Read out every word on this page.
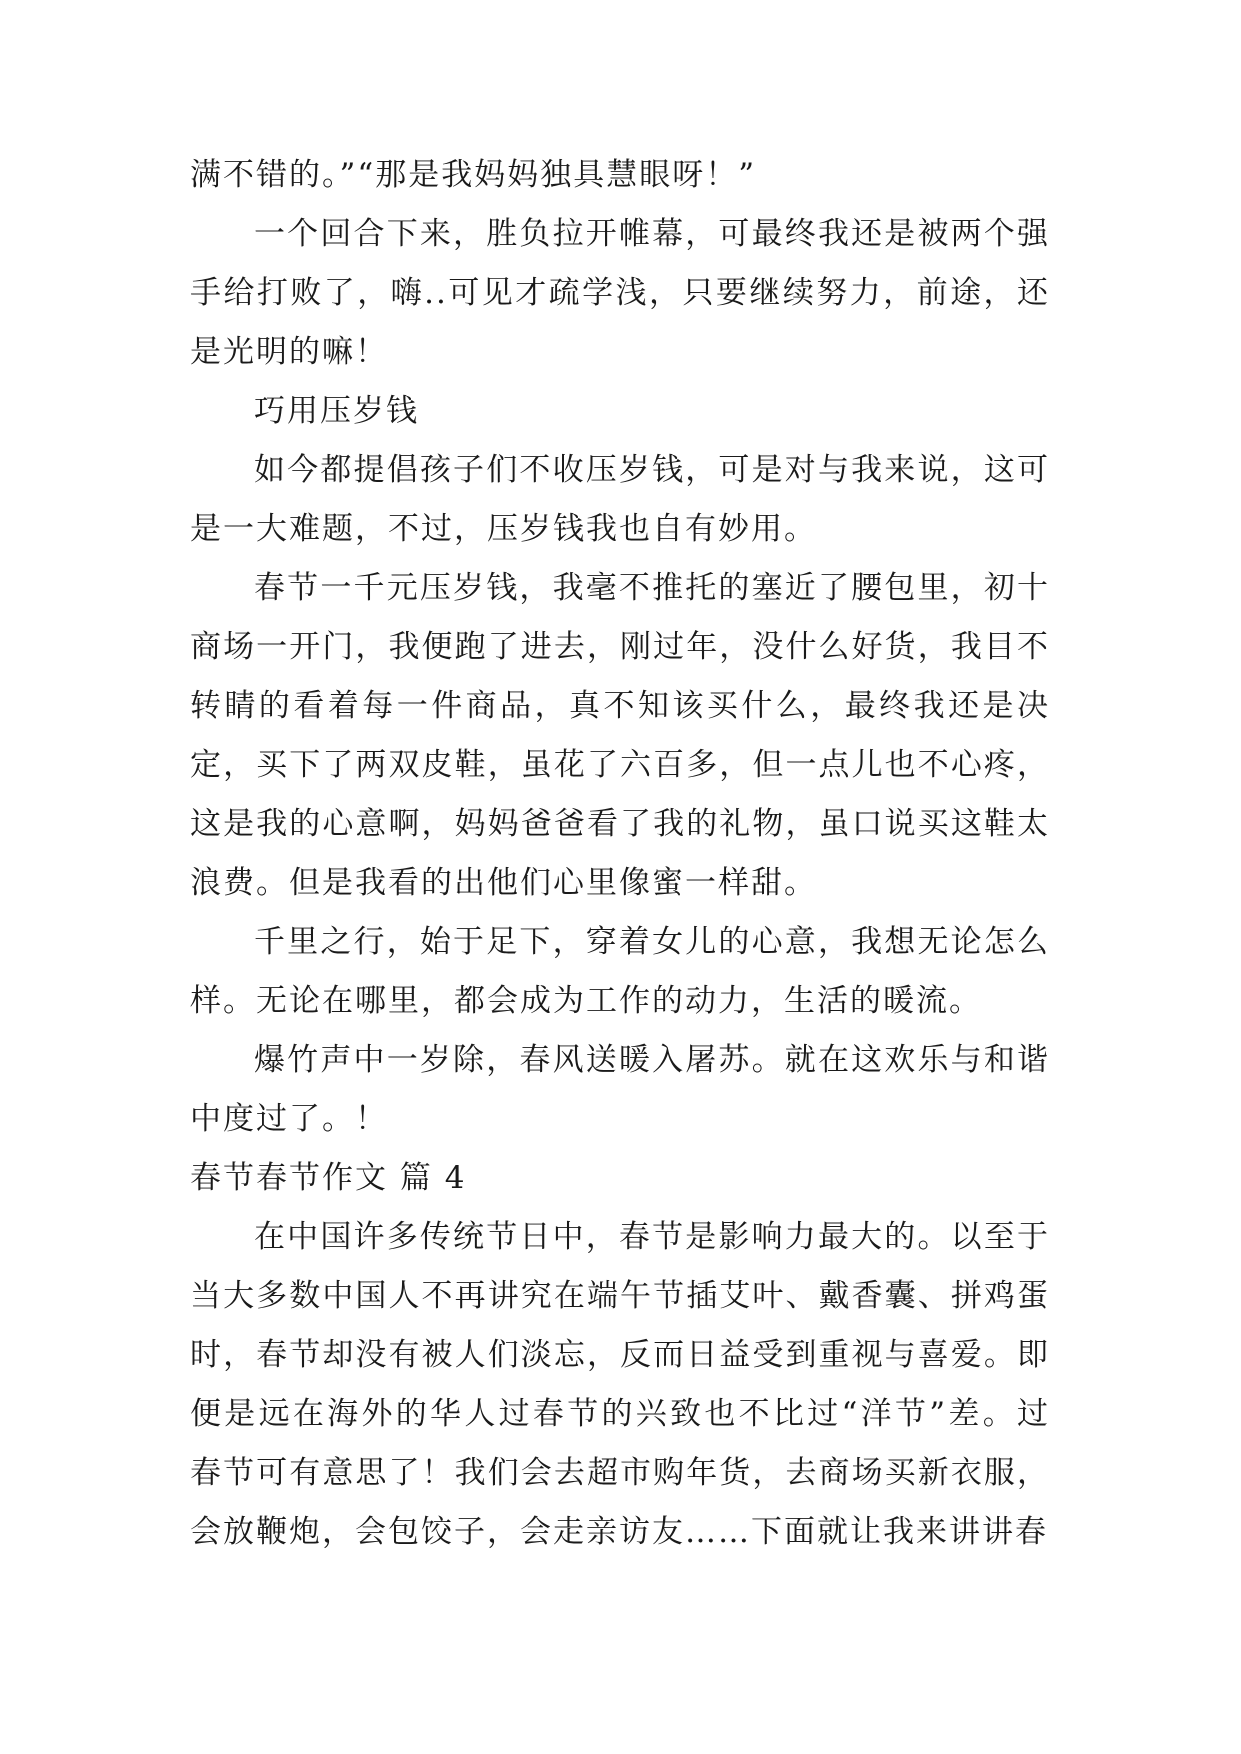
满不错的。”“那是我妈妈独具慧眼呀！”

一个回合下来，胜负拉开帷幕，可最终我还是被两个强手给打败了，嗨..可见才疏学浅，只要继续努力，前途，还是光明的嘛！

巧用压岁钱

如今都提倡孩子们不收压岁钱，可是对与我来说，这可是一大难题，不过，压岁钱我也自有妙用。

春节一千元压岁钱，我毫不推托的塞近了腰包里，初十商场一开门，我便跑了进去，刚过年，没什么好货，我目不转睛的看着每一件商品，真不知该买什么，最终我还是决定，买下了两双皮鞋，虽花了六百多，但一点儿也不心疼，这是我的心意啊，妈妈爸爸看了我的礼物，虽口说买这鞋太浪费。但是我看的出他们心里像蜜一样甜。

千里之行，始于足下，穿着女儿的心意，我想无论怎么样。无论在哪里，都会成为工作的动力，生活的暖流。

爆竹声中一岁除，春风送暖入屠苏。就在这欢乐与和谐中度过了。！

春节春节作文 篇 4

在中国许多传统节日中，春节是影响力最大的。以至于当大多数中国人不再讲究在端午节插艾叶、戴香囊、拼鸡蛋时，春节却没有被人们淡忘，反而日益受到重视与喜爱。即便是远在海外的华人过春节的兴致也不比过“洋节”差。过春节可有意思了！我们会去超市购年货，去商场买新衣服，会放鞭炮，会包饺子，会走亲访友……下面就让我来讲讲春
